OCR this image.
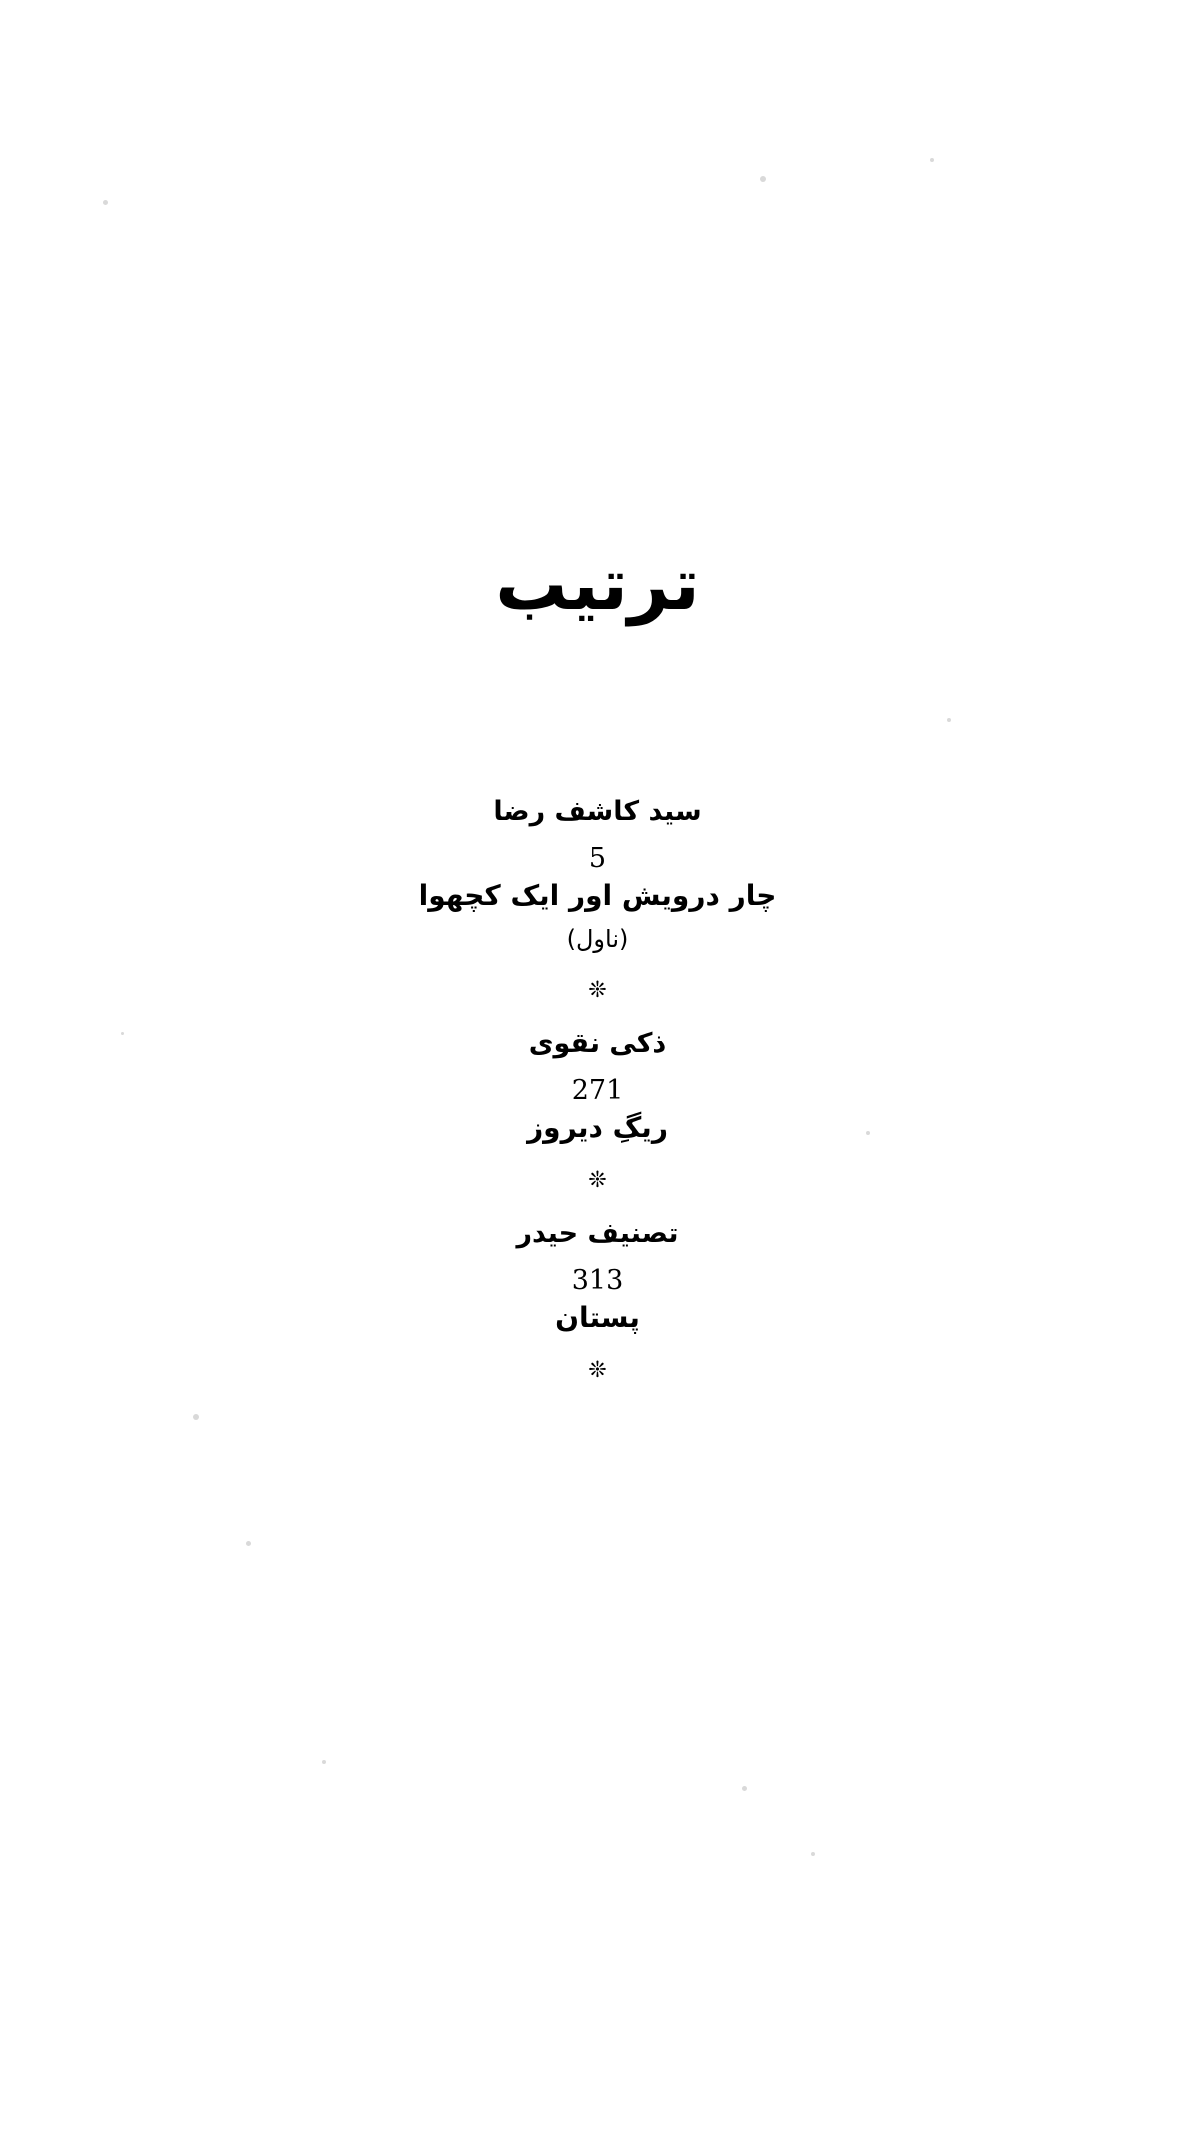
ترتیب
سید کاشف رضا
5
چار درویش اور ایک کچھوا
(ناول)
❊
ذکی نقوی
271
ریگِ دیروز
❊
تصنیف حیدر
313
پستان
❊
